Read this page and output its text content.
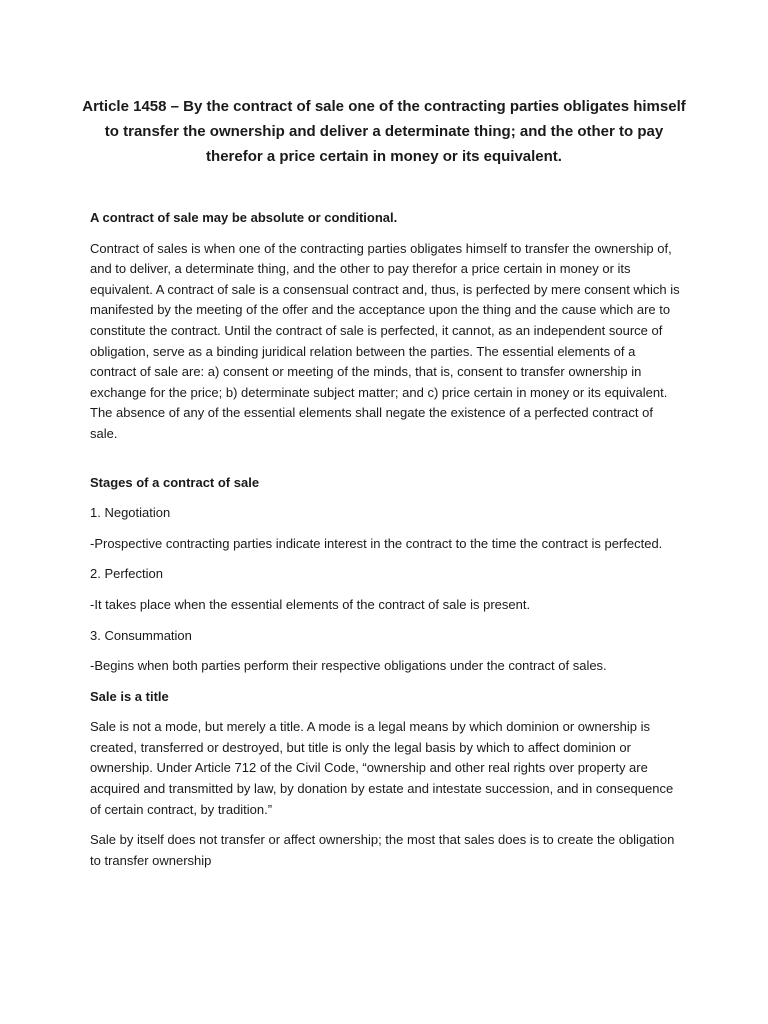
Article 1458 – By the contract of sale one of the contracting parties obligates himself to transfer the ownership and deliver a determinate thing; and the other to pay therefor a price certain in money or its equivalent.

A contract of sale may be absolute or conditional.

Contract of sales is when one of the contracting parties obligates himself to transfer the ownership of, and to deliver, a determinate thing, and the other to pay therefor a price certain in money or its equivalent. A contract of sale is a consensual contract and, thus, is perfected by mere consent which is manifested by the meeting of the offer and the acceptance upon the thing and the cause which are to constitute the contract. Until the contract of sale is perfected, it cannot, as an independent source of obligation, serve as a binding juridical relation between the parties. The essential elements of a contract of sale are: a) consent or meeting of the minds, that is, consent to transfer ownership in exchange for the price; b) determinate subject matter; and c) price certain in money or its equivalent. The absence of any of the essential elements shall negate the existence of a perfected contract of sale.

Stages of a contract of sale

1. Negotiation

-Prospective contracting parties indicate interest in the contract to the time the contract is perfected.

2. Perfection

-It takes place when the essential elements of the contract of sale is present.

3. Consummation

-Begins when both parties perform their respective obligations under the contract of sales.

Sale is a title

Sale is not a mode, but merely a title. A mode is a legal means by which dominion or ownership is created, transferred or destroyed, but title is only the legal basis by which to affect dominion or ownership. Under Article 712 of the Civil Code, “ownership and other real rights over property are acquired and transmitted by law, by donation by estate and intestate succession, and in consequence of certain contract, by tradition.”

Sale by itself does not transfer or affect ownership; the most that sales does is to create the obligation to transfer ownership
